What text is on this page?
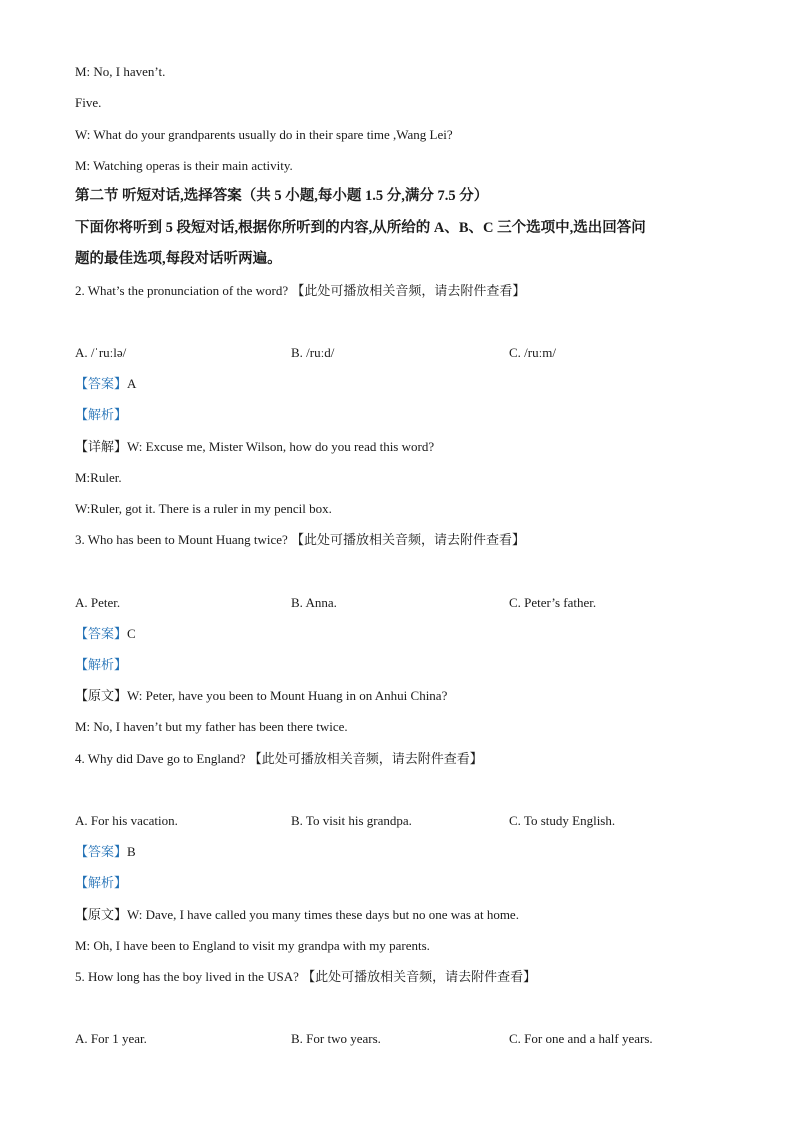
M: No, I haven’t.
Five.
W: What do your grandparents usually do in their spare time ,Wang Lei?
M: Watching operas is their main activity.
第二节 听短对话,选择答案（共 5 小题,每小题 1.5 分,满分 7.5 分）
下面你将听到 5 段短对话,根据你所听到的内容,从所给的 A、B、C 三个选项中,选出回答问
题的最佳选项,每段对话听两遍。
2. What’s the pronunciation of the word? 【此处可播放相关音频，请去附件查看】
A. /ˈruːlə/	B. /ruːd/	C. /ruːm/
【答案】A
【解析】
【详解】W: Excuse me, Mister Wilson, how do you read this word?
M:Ruler.
W:Ruler, got it. There is a ruler in my pencil box.
3. Who has been to Mount Huang twice? 【此处可播放相关音频，请去附件查看】
A. Peter.	B. Anna.	C. Peter’s father.
【答案】C
【解析】
【原文】W: Peter, have you been to Mount Huang in on Anhui China?
M: No, I haven’t but my father has been there twice.
4. Why did Dave go to England? 【此处可播放相关音频，请去附件查看】
A. For his vacation.	B. To visit his grandpa.	C. To study English.
【答案】B
【解析】
【原文】W: Dave, I have called you many times these days but no one was at home.
M: Oh, I have been to England to visit my grandpa with my parents.
5. How long has the boy lived in the USA? 【此处可播放相关音频，请去附件查看】
A. For 1 year.	B. For two years.	C. For one and a half years.
